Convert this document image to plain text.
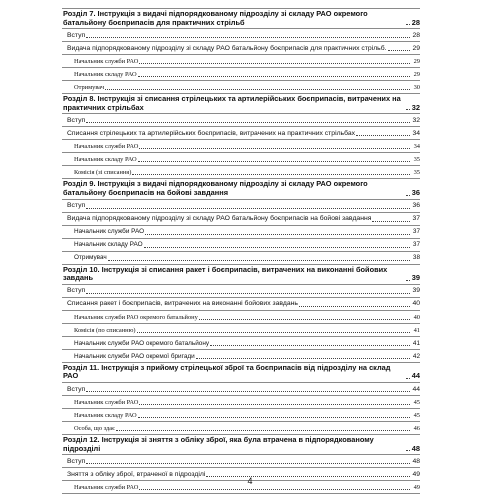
Розділ 7. Інструкція з видачі підпорядкованому підрозділу зі складу РАО окремого батальйону боєприпасів для практичних стрільб	28
Вступ	28
Видача підпорядкованому підрозділу зі складу РАО батальйону боєприпасів для практичних стрільб.	29
Начальник служби РАО	29
Начальник складу РАО	29
Отримувач	30
Розділ 8. Інструкція зі списання стрілецьких та артилерійських боєприпасів, витрачених на практичних стрільбах	32
Вступ	32
Списання стрілецьких та артилерійських боєприпасів, витрачених на практичних стрільбах	34
Начальник служби РАО	34
Начальник складу РАО	35
Комісія (зі списання)	35
Розділ 9. Інструкція з видачі підпорядкованому підрозділу зі складу РАО окремого батальйону боєприпасів на бойові завдання	36
Вступ	36
Видача підпорядкованому підрозділу зі складу РАО батальйону боєприпасів на бойові завдання	37
Начальник служби РАО	37
Начальник складу РАО	37
Отримувач	38
Розділ 10. Інструкція зі списання ракет і боєприпасів, витрачених на виконанні бойових завдань	39
Вступ	39
Списання ракет і боєприпасів, витрачених на виконанні бойових завдань	40
Начальник служби РАО окремого батальйону	40
Комісія (по списанню)	41
Начальник служби РАО окремого батальйону	41
Начальник служби РАО окремої бригади	42
Розділ 11. Інструкція з прийому стрілецької зброї та боєприпасів від підрозділу на склад РАО	44
Вступ	44
Начальник служби РАО	45
Начальник складу РАО	45
Особа, що здає	46
Розділ 12. Інструкція зі зняття з обліку зброї, яка була втрачена в підпорядкованому підрозділі	48
Вступ	48
Зняття з обліку зброї, втраченої в підрозділі	49
Начальник служби РАО	49
4
